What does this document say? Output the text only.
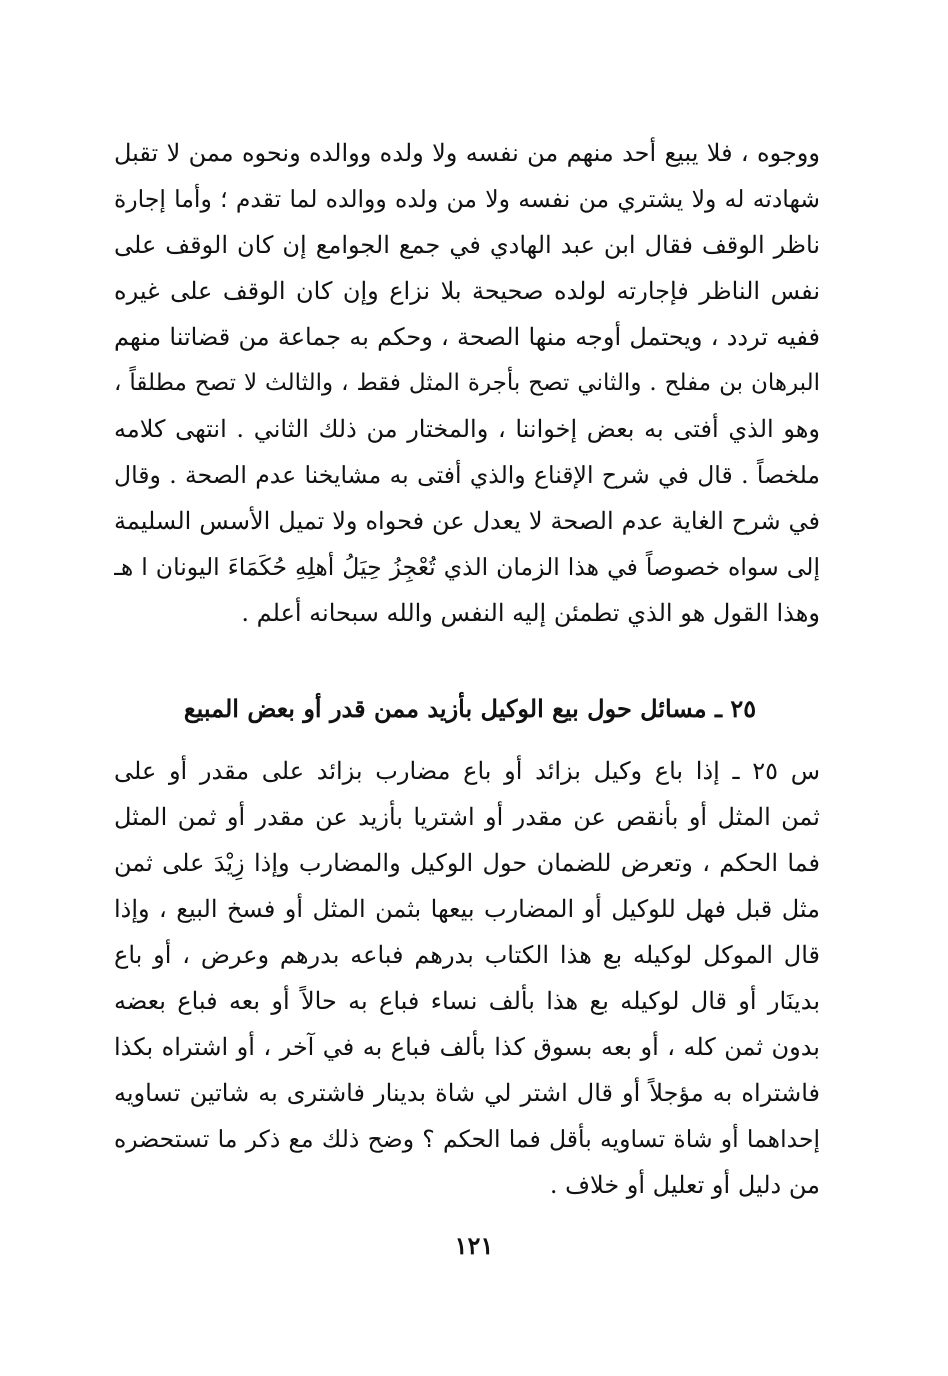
ووجوه ، فلا يبيع أحد منهم من نفسه ولا ولده ووالده ونحوه ممن لا تقبل
شهادته له ولا يشتري من نفسه ولا من ولده ووالده لما تقدم ؛ وأما إجارة
ناظر الوقف فقال ابن عبد الهادي في جمع الجوامع إن كان الوقف على
نفس الناظر فإجارته لولده صحيحة بلا نزاع وإن كان الوقف على غيره
ففيه تردد ، ويحتمل أوجه منها الصحة ، وحكم به جماعة من قضاتنا منهم
البرهان بن مفلح . والثاني تصح بأجرة المثل فقط ، والثالث لا تصح مطلقاً ،
وهو الذي أفتى به بعض إخواننا ، والمختار من ذلك الثاني . انتهى كلامه
ملخصاً . قال في شرح الإقناع والذي أفتى به مشايخنا عدم الصحة . وقال
في شرح الغاية عدم الصحة لا يعدل عن فحواه ولا تميل الأسس السليمة
إلى سواه خصوصاً في هذا الزمان الذي تُعْجِزُ حِيَلُ أهلِهِ حُكَمَاءَ اليونان ا هـ
وهذا القول هو الذي تطمئن إليه النفس والله سبحانه أعلم .
٢٥ ـ مسائل حول بيع الوكيل بأزيد ممن قدر أو بعض المبيع
س ٢٥ ـ إذا باع وكيل بزائد أو باع مضارب بزائد على مقدر أو على
ثمن المثل أو بأنقص عن مقدر أو اشتريا بأزيد عن مقدر أو ثمن المثل
فما الحكم ، وتعرض للضمان حول الوكيل والمضارب وإذا زِيْدَ على ثمن
مثل قبل فهل للوكيل أو المضارب بيعها بثمن المثل أو فسخ البيع ، وإذا
قال الموكل لوكيله بع هذا الكتاب بدرهم فباعه بدرهم وعرض ، أو باع
بدينَار أو قال لوكيله بع هذا بألف نساء فباع به حالاً أو بعه فباع بعضه
بدون ثمن كله ، أو بعه بسوق كذا بألف فباع به في آخر ، أو اشتراه بكذا
فاشتراه به مؤجلاً أو قال اشتر لي شاة بدينار فاشترى به شاتين تساويه
إحداهما أو شاة تساويه بأقل فما الحكم ؟ وضح ذلك مع ذكر ما تستحضره
من دليل أو تعليل أو خلاف .
١٢١
